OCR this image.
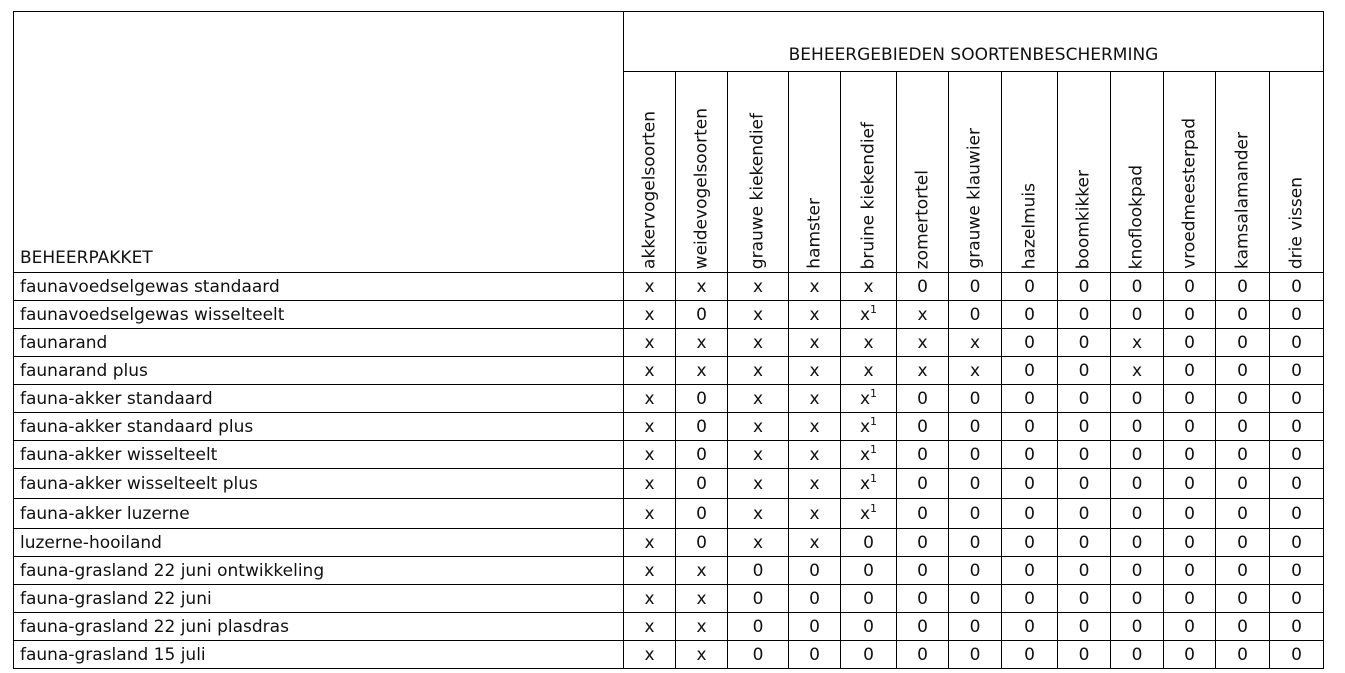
BEHEERPAKKET	BEHEERGEBIEDEN SOORTENBESCHERMING												

	akkervogelsoorten	weidevogelsoorten	grauwe kiekendief	hamster	bruine kiekendief	zomertortel	grauwe klauwier	hazelmuis	boomkikker	knoflookpad	vroedmeesterpad	kamsalamander	drie vissen

faunavoedselgewas standaard	x	x	x	x	x	0	0	0	0	0	0	0	0
faunavoedselgewas wisselteelt	x	0	x	x	$x^1$	x	0	0	0	0	0	0	0
faunarand	x	x	x	x	x	x	x	0	0	x	0	0	0
faunarand plus	x	x	x	x	x	x	x	0	0	x	0	0	0
fauna-akker standaard	x	0	x	x	$x^1$	0	0	0	0	0	0	0	0
fauna-akker standaard plus	x	0	x	x	$x^1$	0	0	0	0	0	0	0	0
fauna-akker wisselteelt	x	0	x	x	$x^1$	0	0	0	0	0	0	0	0
fauna-akker wisselteelt plus	x	0	x	x	$x^1$	0	0	0	0	0	0	0	0
fauna-akker luzerne	x	0	x	x	$x^1$	0	0	0	0	0	0	0	0
luzerne-hooiland	x	0	x	x	0	0	0	0	0	0	0	0	0
fauna-grasland 22 juni ontwikkeling	x	x	0	0	0	0	0	0	0	0	0	0	0
fauna-grasland 22 juni	x	x	0	0	0	0	0	0	0	0	0	0	0
fauna-grasland 22 juni plasdras	x	x	0	0	0	0	0	0	0	0	0	0	0
fauna-grasland 15 juli	x	x	0	0	0	0	0	0	0	0	0	0	0
